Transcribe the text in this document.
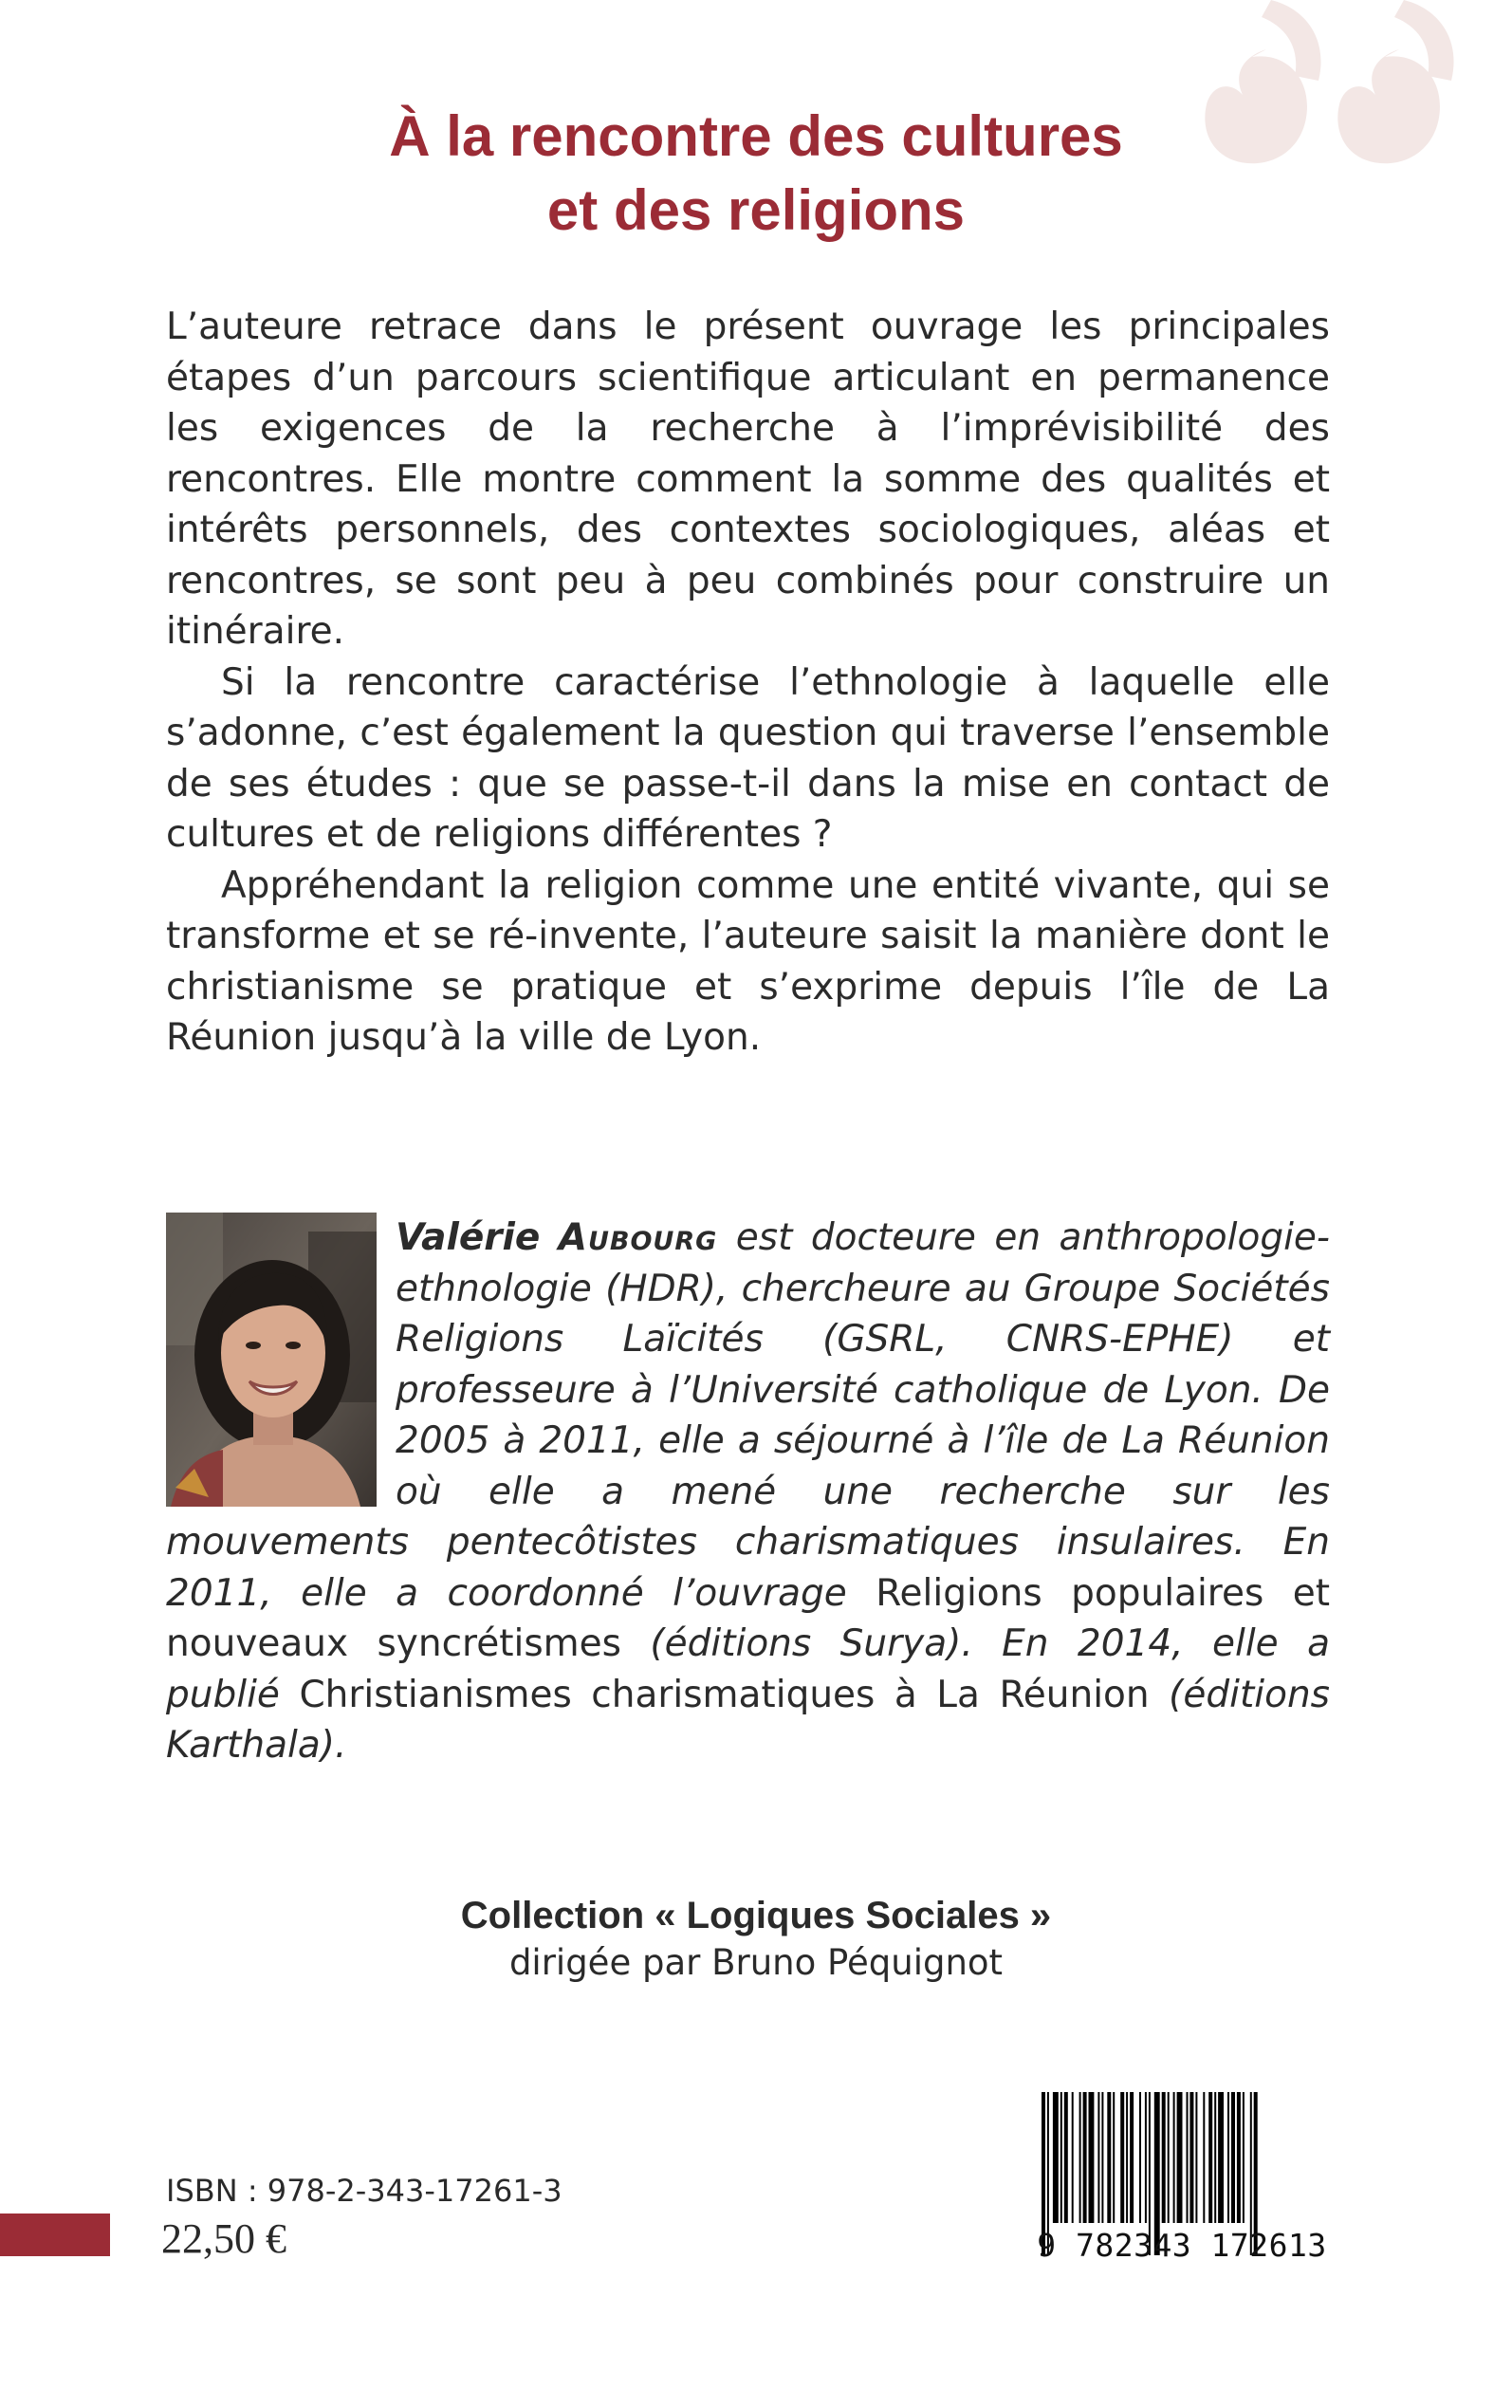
À la rencontre des cultures
et des religions

L’auteure retrace dans le présent ouvrage les principales étapes d’un parcours scientifique articulant en permanence les exigences de la recherche à l’imprévisibilité des rencontres. Elle montre comment la somme des qualités et intérêts personnels, des contextes sociologiques, aléas et rencontres, se sont peu à peu combinés pour construire un itinéraire.

Si la rencontre caractérise l’ethnologie à laquelle elle s’adonne, c’est également la question qui traverse l’ensemble de ses études : que se passe-t-il dans la mise en contact de cultures et de religions différentes ?

Appréhendant la religion comme une entité vivante, qui se transforme et se ré-invente, l’auteure saisit la manière dont le christianisme se pratique et s’exprime depuis l’île de La Réunion jusqu’à la ville de Lyon.

Valérie Aubourg est docteure en anthropologie-ethnologie (HDR), chercheure au Groupe Sociétés Religions Laïcités (GSRL, CNRS-EPHE) et professeure à l’Université catholique de Lyon. De 2005 à 2011, elle a séjourné à l’île de La Réunion où elle a mené une recherche sur les mouvements pentecôtistes charismatiques insulaires. En 2011, elle a coordonné l’ouvrage Religions populaires et nouveaux syncrétismes (éditions Surya). En 2014, elle a publié Christianismes charismatiques à La Réunion (éditions Karthala).

Collection « Logiques Sociales »
dirigée par Bruno Péquignot
ISBN : 978-2-343-17261-3
22,50 €	9 782343 172613
